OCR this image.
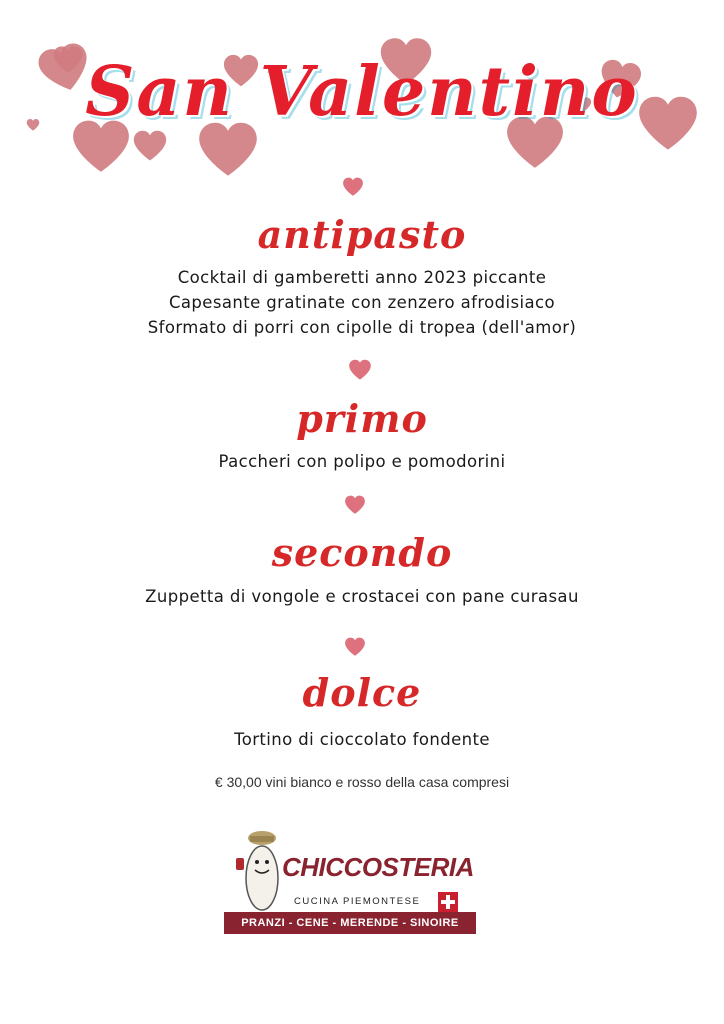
San Valentino
antipasto
Cocktail di gamberetti anno 2023 piccante
Capesante gratinate con zenzero afrodisiaco
Sformato di porri con cipolle di tropea (dell'amor)
primo
Paccheri con polipo e pomodorini
secondo
Zuppetta di vongole e crostacei con pane curasau
dolce
Tortino di cioccolato fondente
€ 30,00 vini bianco e rosso della casa compresi
CHICCOSTERIA
CUCINA PIEMONTESE
PRANZI - CENE - MERENDE - SINOIRE
